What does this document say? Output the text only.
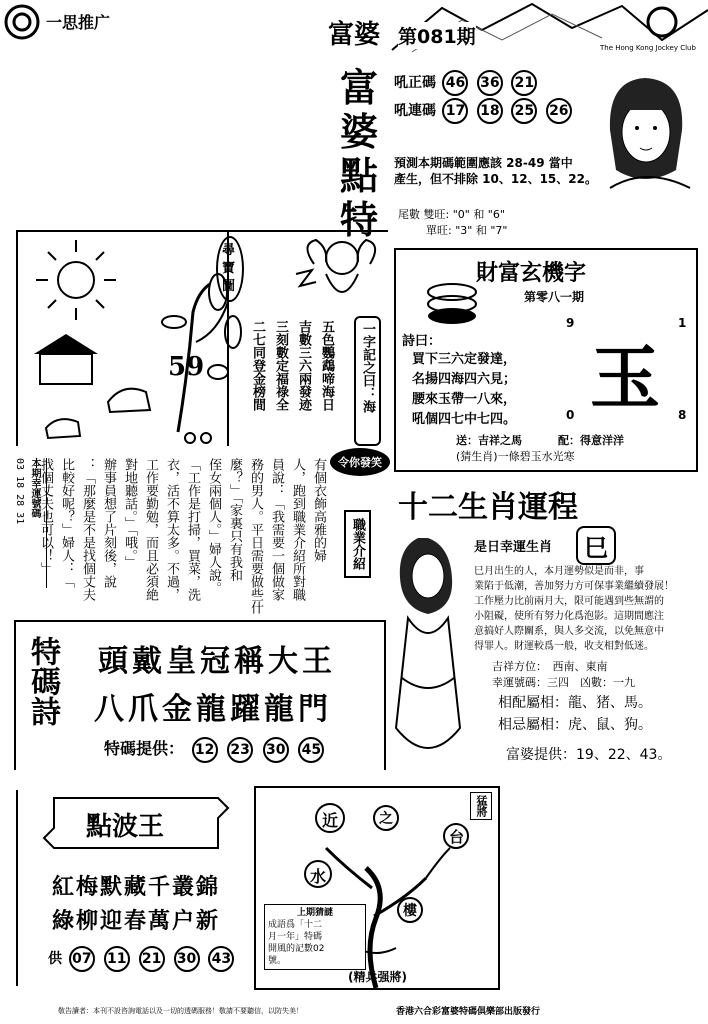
一思推广	富婆 第081期	The Hong Kong Jockey Club
富
婆
點
特
吼正碼 46 36 21
吼連碼 17 18 25 26
預測本期碼範圍應該 28-49 當中
產生，但不排除 10、12、15、22。
尾數 雙旺: "0" 和 "6"
單旺: "3" 和 "7"
59
尋寶圖
五色鸚鵡啼海日
吉數三六兩發迹
三刻數定福祿全
二七同登金榜間	一字記之曰：海
財富玄機字
第零八一期
詩曰：
買下三六定發達，
名揚四海四六見；
腰來玉帶一八來，
吼個四七中七四。
玉
9	1
0	8
送：吉祥之馬	配：得意洋洋
(猜生肖)一條碧玉水光寒
本期幸運號碼
03 18 28 31	有個衣飾高雅的婦
人，跑到職業介紹所對職
員說：「我需要一個做家
務的男人。平日需要做些什
麼？」「家裏只有我和
侄女兩個人。」婦人說。
「工作是打掃，買菜，洗
衣，活不算太多。不過，
工作要勤勉，而且必須絶
對地聽話。」「哦。」
辦事員想了片刻後，說
：「那麼是不是找個丈夫
比較好呢？」婦人：「
找個丈夫也可以！」	令你發笑
職業介紹
十二生肖運程
是日幸運生肖	巳
巳月出生的人，本月運勢似是而非，事
業陷于低潮，善加努力方可保事業繼續發展！
工作壓力比前兩月大，限可能遇到些無謂的
小阻礙，使所有努力化爲泡影。這期間應注
意搞好人際關系，與人多交流，以免無意中
得罪人。財運較爲一般，收支相對低迷。
吉祥方位：　西南、東南
幸運號碼：三四　凶數：一九
相配屬相：龍、猪、馬。
相忌屬相：虎、鼠、狗。
富婆提供：19、22、43。
特碼詩 頭戴皇冠稱大王
八爪金龍躍龍門
特碼提供： 12 23 30 45
點波王
紅梅默藏千叢錦
綠柳迎春萬户新
供 07 11 21 30 43
近	之
台
水
樓
猛將
上期猜謎
成語爲「十二
月一年」特碼
開風的記數02
號。
(精兵强將)
敬告讀者：本刊不設咨詢電話以及一切的透碼服務！敬請不要聽信，以防失美！	香港六合彩富婆特碼俱樂部出版發行
